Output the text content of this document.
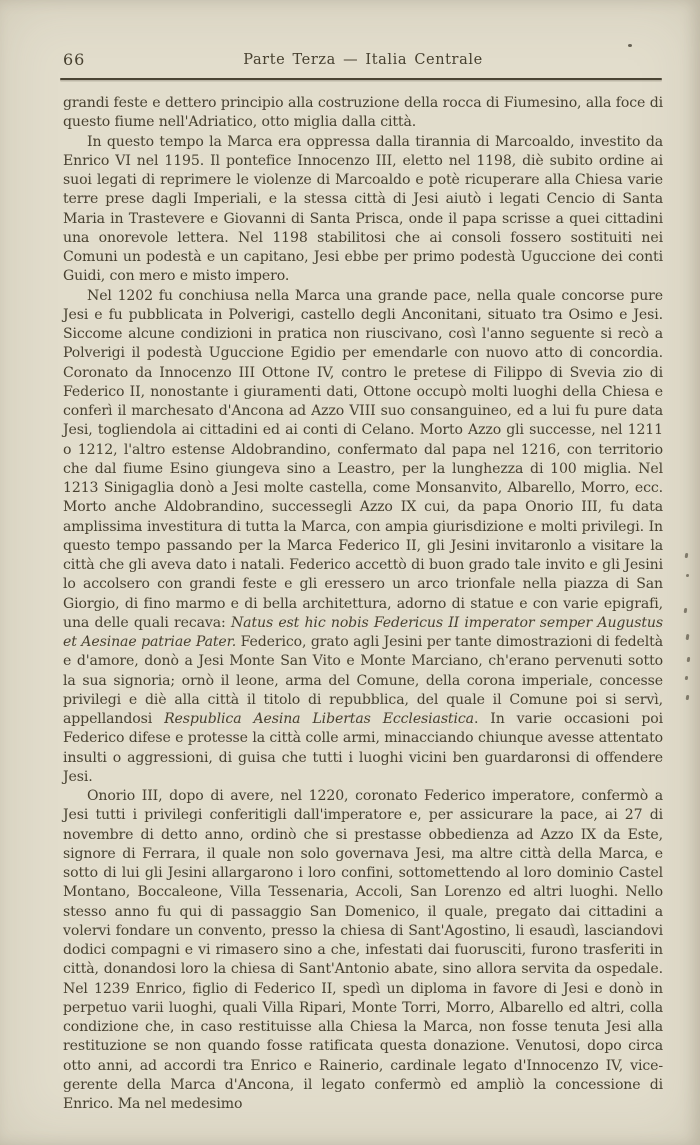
66	Parte Terza — Italia Centrale

grandi feste e dettero principio alla costruzione della rocca di Fiumesino, alla foce di questo fiume nell'Adriatico, otto miglia dalla città.

In questo tempo la Marca era oppressa dalla tirannia di Marcoaldo, investito da Enrico VI nel 1195. Il pontefice Innocenzo III, eletto nel 1198, diè subito ordine ai suoi legati di reprimere le violenze di Marcoaldo e potè ricuperare alla Chiesa varie terre prese dagli Imperiali, e la stessa città di Jesi aiutò i legati Cencio di Santa Maria in Trastevere e Giovanni di Santa Prisca, onde il papa scrisse a quei cittadini una onorevole lettera. Nel 1198 stabilitosi che ai consoli fossero sostituiti nei Comuni un podestà e un capitano, Jesi ebbe per primo podestà Uguccione dei conti Guidi, con mero e misto impero.

Nel 1202 fu conchiusa nella Marca una grande pace, nella quale concorse pure Jesi e fu pubblicata in Polverigi, castello degli Anconitani, situato tra Osimo e Jesi. Siccome alcune condizioni in pratica non riuscivano, così l'anno seguente si recò a Polverigi il podestà Uguccione Egidio per emendarle con nuovo atto di concordia. Coronato da Innocenzo III Ottone IV, contro le pretese di Filippo di Svevia zio di Federico II, nonostante i giuramenti dati, Ottone occupò molti luoghi della Chiesa e conferì il marchesato d'Ancona ad Azzo VIII suo consanguineo, ed a lui fu pure data Jesi, togliendola ai cittadini ed ai conti di Celano. Morto Azzo gli successe, nel 1211 o 1212, l'altro estense Aldobrandino, confermato dal papa nel 1216, con territorio che dal fiume Esino giungeva sino a Leastro, per la lunghezza di 100 miglia. Nel 1213 Sinigaglia donò a Jesi molte castella, come Monsanvito, Albarello, Morro, ecc. Morto anche Aldobrandino, successegli Azzo IX cui, da papa Onorio III, fu data amplissima investitura di tutta la Marca, con ampia giurisdizione e molti privilegi. In questo tempo passando per la Marca Federico II, gli Jesini invitaronlo a visitare la città che gli aveva dato i natali. Federico accettò di buon grado tale invito e gli Jesini lo accolsero con grandi feste e gli eressero un arco trionfale nella piazza di San Giorgio, di fino marmo e di bella architettura, adorno di statue e con varie epigrafi, una delle quali recava: Natus est hic nobis Federicus II imperator semper Augustus et Aesinae patriae Pater. Federico, grato agli Jesini per tante dimostrazioni di fedeltà e d'amore, donò a Jesi Monte San Vito e Monte Marciano, ch'erano pervenuti sotto la sua signoria; ornò il leone, arma del Comune, della corona imperiale, concesse privilegi e diè alla città il titolo di repubblica, del quale il Comune poi si servì, appellandosi Respublica Aesina Libertas Ecclesiastica. In varie occasioni poi Federico difese e protesse la città colle armi, minacciando chiunque avesse attentato insulti o aggressioni, di guisa che tutti i luoghi vicini ben guardaronsi di offendere Jesi.

Onorio III, dopo di avere, nel 1220, coronato Federico imperatore, confermò a Jesi tutti i privilegi conferitigli dall'imperatore e, per assicurare la pace, ai 27 di novembre di detto anno, ordinò che si prestasse obbedienza ad Azzo IX da Este, signore di Ferrara, il quale non solo governava Jesi, ma altre città della Marca, e sotto di lui gli Jesini allargarono i loro confini, sottomettendo al loro dominio Castel Montano, Boccaleone, Villa Tessenaria, Accoli, San Lorenzo ed altri luoghi. Nello stesso anno fu qui di passaggio San Domenico, il quale, pregato dai cittadini a volervi fondare un convento, presso la chiesa di Sant'Agostino, li esaudì, lasciandovi dodici compagni e vi rimasero sino a che, infestati dai fuorusciti, furono trasferiti in città, donandosi loro la chiesa di Sant'Antonio abate, sino allora servita da ospedale. Nel 1239 Enrico, figlio di Federico II, spedì un diploma in favore di Jesi e donò in perpetuo varii luoghi, quali Villa Ripari, Monte Torri, Morro, Albarello ed altri, colla condizione che, in caso restituisse alla Chiesa la Marca, non fosse tenuta Jesi alla restituzione se non quando fosse ratificata questa donazione. Venutosi, dopo circa otto anni, ad accordi tra Enrico e Rainerio, cardinale legato d'Innocenzo IV, vice-gerente della Marca d'Ancona, il legato confermò ed ampliò la concessione di Enrico. Ma nel medesimo
